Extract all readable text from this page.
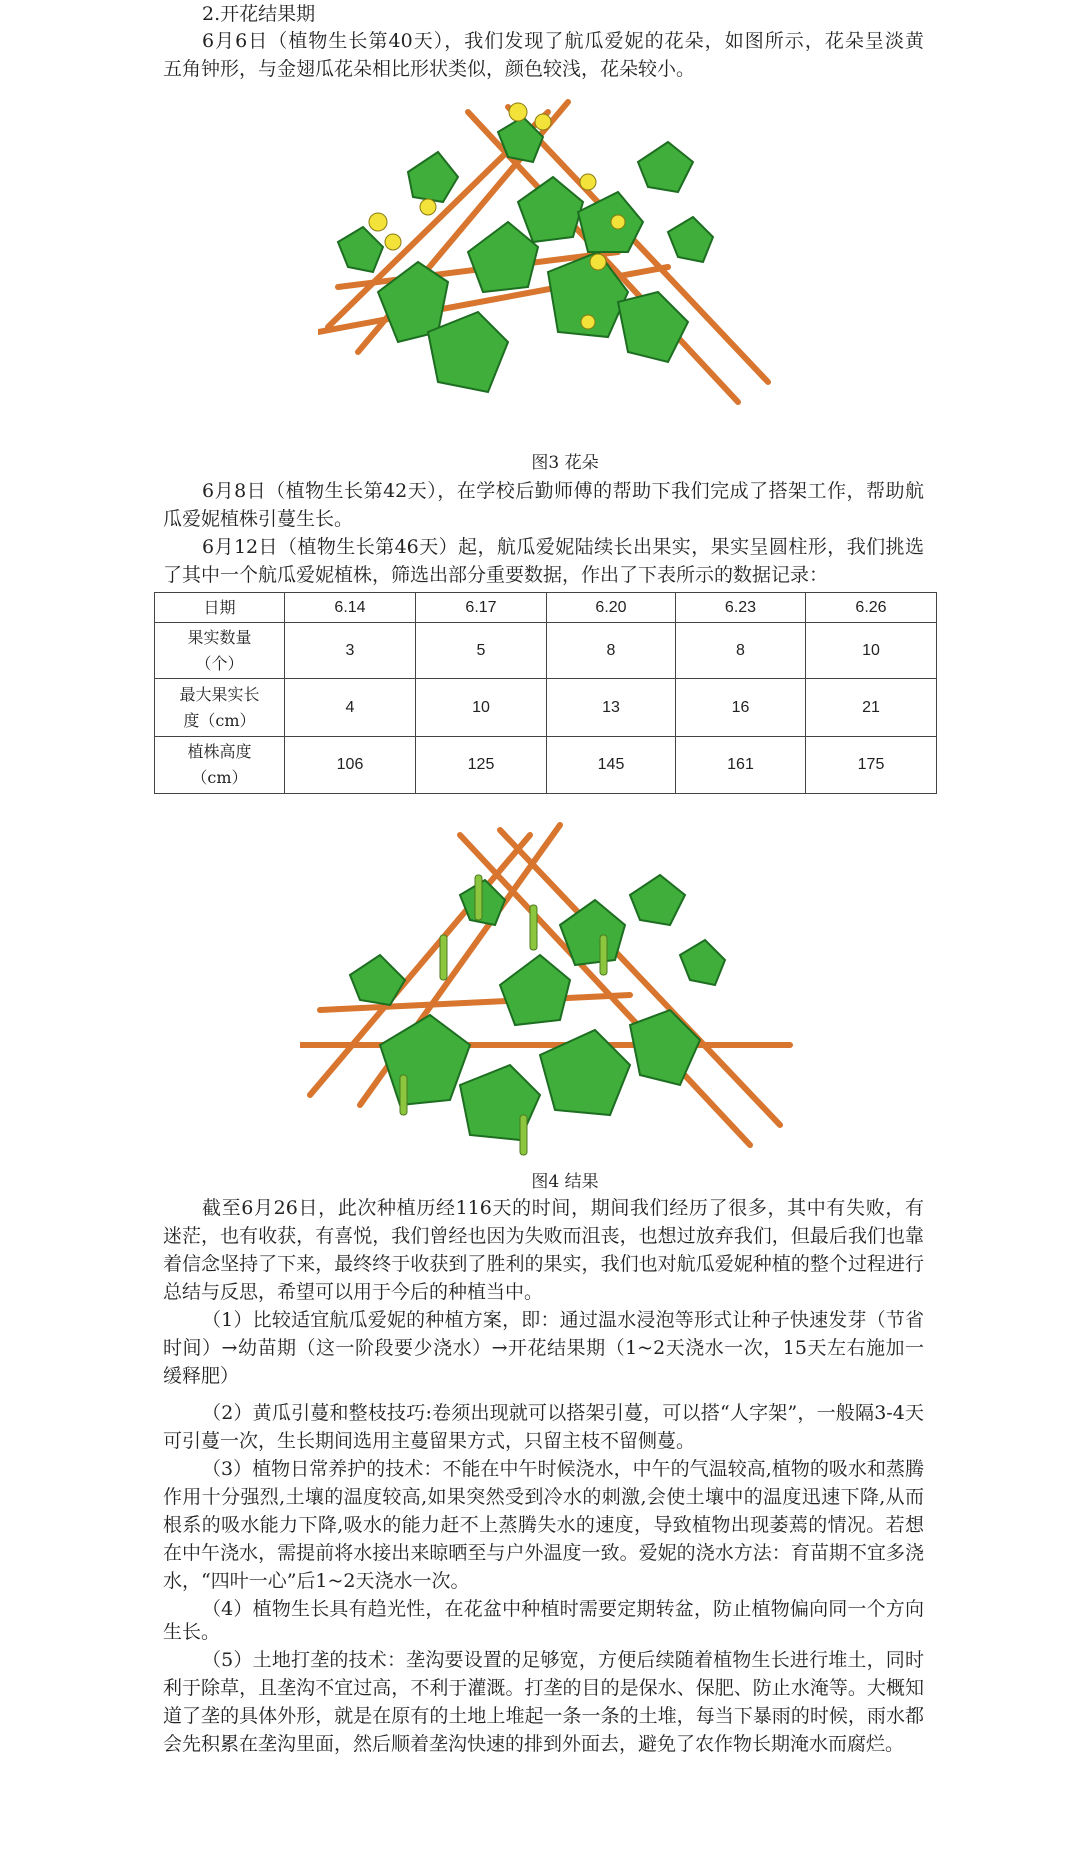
2.开花结果期
6月6日（植物生长第40天），我们发现了航瓜爱妮的花朵，如图所示，花朵呈淡黄
五角钟形，与金翅瓜花朵相比形状类似，颜色较浅，花朵较小。
6月8日（植物生长第42天），在学校后勤师傅的帮助下我们完成了搭架工作，帮助航
瓜爱妮植株引蔓生长。
6月12日（植物生长第46天）起，航瓜爱妮陆续长出果实，果实呈圆柱形，我们挑选
了其中一个航瓜爱妮植株，筛选出部分重要数据，作出了下表所示的数据记录：
截至6月26日，此次种植历经116天的时间，期间我们经历了很多，其中有失败，有
迷茫，也有收获，有喜悦，我们曾经也因为失败而沮丧，也想过放弃我们，但最后我们也靠
着信念坚持了下来，最终终于收获到了胜利的果实，我们也对航瓜爱妮种植的整个过程进行
总结与反思，希望可以用于今后的种植当中。
（1）比较适宜航瓜爱妮的种植方案，即：通过温水浸泡等形式让种子快速发芽（节省
时间）→幼苗期（这一阶段要少浇水）→开花结果期（1~2天浇水一次，15天左右施加一
缓释肥）
（2）黄瓜引蔓和整枝技巧:卷须出现就可以搭架引蔓，可以搭“人字架”，一般隔3-4天
可引蔓一次，生长期间选用主蔓留果方式，只留主枝不留侧蔓。
（3）植物日常养护的技术：不能在中午时候浇水，中午的气温较高,植物的吸水和蒸腾
作用十分强烈,土壤的温度较高,如果突然受到冷水的刺激,会使土壤中的温度迅速下降,从而
根系的吸水能力下降,吸水的能力赶不上蒸腾失水的速度，导致植物出现萎蔫的情况。若想
在中午浇水，需提前将水接出来晾晒至与户外温度一致。爱妮的浇水方法：育苗期不宜多浇
水，“四叶一心”后1~2天浇水一次。
（4）植物生长具有趋光性，在花盆中种植时需要定期转盆，防止植物偏向同一个方向
生长。
（5）土地打垄的技术：垄沟要设置的足够宽，方便后续随着植物生长进行堆土，同时
利于除草，且垄沟不宜过高，不利于灌溉。打垄的目的是保水、保肥、防止水淹等。大概知
道了垄的具体外形，就是在原有的土地上堆起一条一条的土堆，每当下暴雨的时候，雨水都
会先积累在垄沟里面，然后顺着垄沟快速的排到外面去，避免了农作物长期淹水而腐烂。
图3 花朵
图4 结果
日期	6.14	6.17	6.20	6.23	6.26

果实数量（个）	3	5	8	8	10

最大果实长度（cm）	4	10	13	16	21

植株高度（cm）	106	125	145	161	175
